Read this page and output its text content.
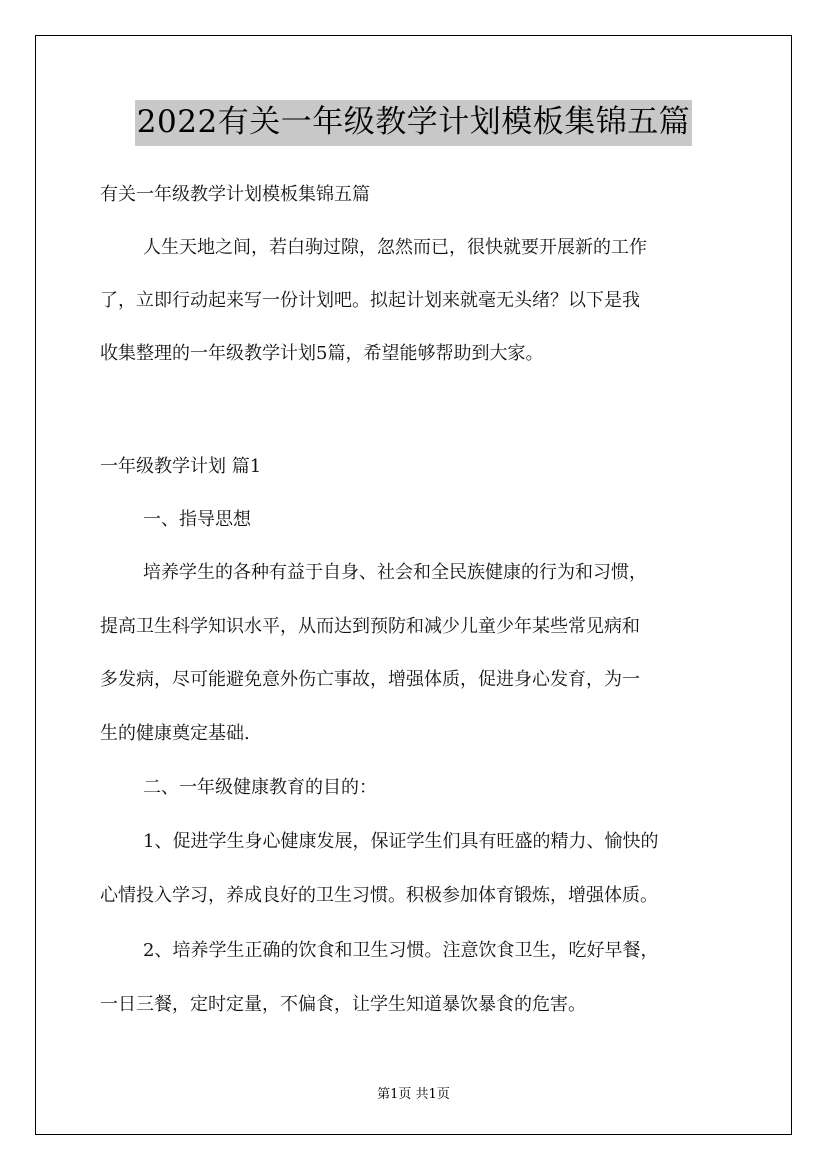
2022有关一年级教学计划模板集锦五篇
有关一年级教学计划模板集锦五篇
人生天地之间，若白驹过隙，忽然而已，很快就要开展新的工作
了，立即行动起来写一份计划吧。拟起计划来就毫无头绪？以下是我
收集整理的一年级教学计划5篇，希望能够帮助到大家。
一年级教学计划 篇1
一、指导思想
培养学生的各种有益于自身、社会和全民族健康的行为和习惯，
提高卫生科学知识水平，从而达到预防和减少儿童少年某些常见病和
多发病，尽可能避免意外伤亡事故，增强体质，促进身心发育，为一
生的健康奠定基础.
二、一年级健康教育的目的：
1、促进学生身心健康发展，保证学生们具有旺盛的精力、愉快的
心情投入学习，养成良好的卫生习惯。积极参加体育锻炼，增强体质。
2、培养学生正确的饮食和卫生习惯。注意饮食卫生，吃好早餐，
一日三餐，定时定量，不偏食，让学生知道暴饮暴食的危害。
第1页 共1页
